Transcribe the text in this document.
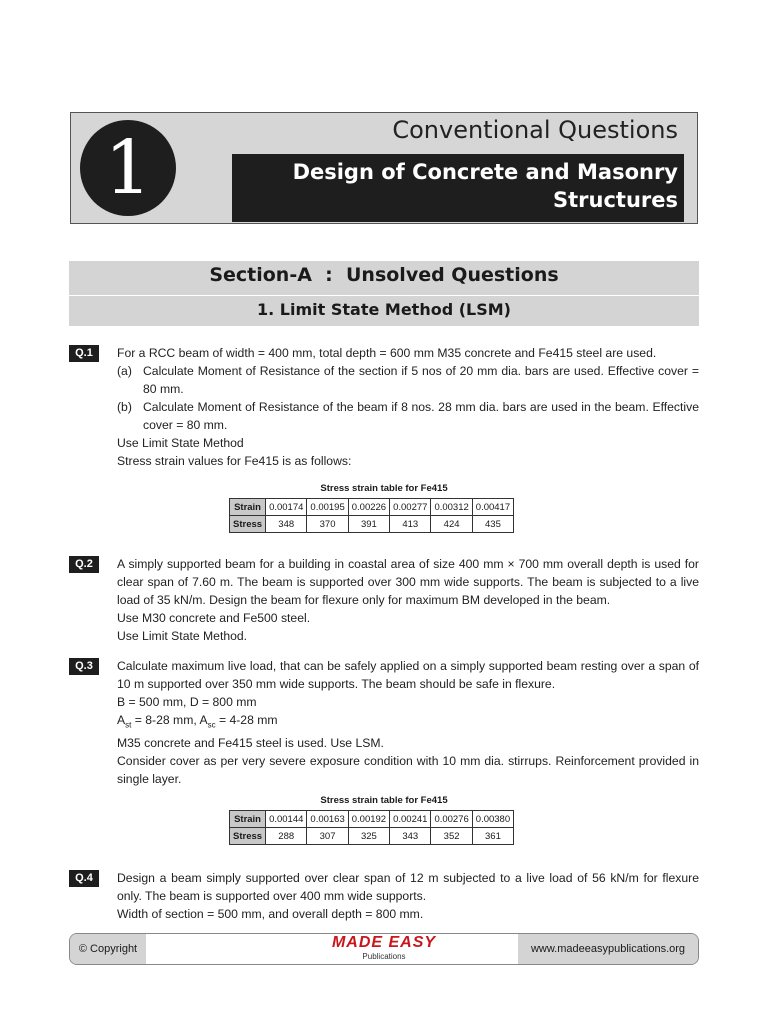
1	Conventional Questions
Design of Concrete and Masonry
Structures
Section-A  :  Unsolved Questions
1. Limit State Method (LSM)
Q.1	For a RCC beam of width = 400 mm, total depth = 600 mm M35 concrete and Fe415 steel are used.

(a) Calculate Moment of Resistance of the section if 5 nos of 20 mm dia. bars are used. Effective cover = 80 mm.
(b) Calculate Moment of Resistance of the beam if 8 nos. 28 mm dia. bars are used in the beam. Effective cover = 80 mm.

Use Limit State Method

Stress strain values for Fe415 is as follows:

Stress strain table for Fe415
Strain	0.00174	0.00195	0.00226	0.00277	0.00312	0.00417
Stress	348	370	391	413	424	435
Q.2	A simply supported beam for a building in coastal area of size 400 mm × 700 mm overall depth is used for clear span of 7.60 m. The beam is supported over 300 mm wide supports. The beam is subjected to a live load of 35 kN/m. Design the beam for flexure only for maximum BM developed in the beam.

Use M30 concrete and Fe500 steel.

Use Limit State Method.

Q.3	Calculate maximum live load, that can be safely applied on a simply supported beam resting over a span of 10 m supported over 350 mm wide supports. The beam should be safe in flexure.

B = 500 mm, D = 800 mm

$A_{st} = 8-28$ mm, $A_{sc} = 4-28$ mm

M35 concrete and Fe415 steel is used. Use LSM.

Consider cover as per very severe exposure condition with 10 mm dia. stirrups. Reinforcement provided in single layer.

Stress strain table for Fe415
Strain	0.00144	0.00163	0.00192	0.00241	0.00276	0.00380
Stress	288	307	325	343	352	361
Q.4	Design a beam simply supported over clear span of 12 m subjected to a live load of 56 kN/m for flexure only. The beam is supported over 400 mm wide supports.

Width of section = 500 mm, and overall depth = 800 mm.

© Copyright	MADE EASY
Publications
www.madeeasypublications.org
